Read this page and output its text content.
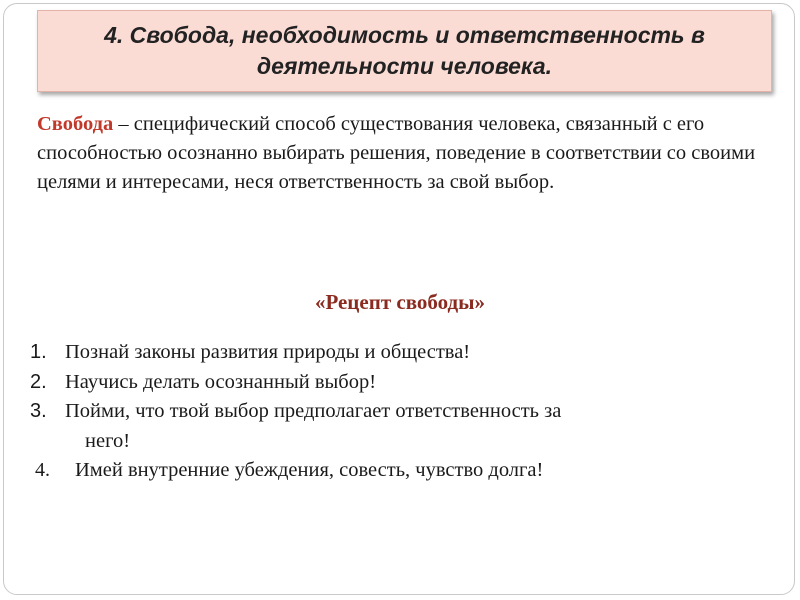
4. Свобода, необходимость и ответственность в деятельности человека.

Свобода – специфический способ существования человека, связанный с его способностью осознанно выбирать решения, поведение в соответствии со своими целями и интересами, неся ответственность за свой выбор.

«Рецепт свободы»

1. Познай законы развития природы и общества!
2. Научись делать осознанный выбор!
3. Пойми, что твой выбор предполагает ответственность за
него!
4. Имей внутренние убеждения, совесть, чувство долга!
